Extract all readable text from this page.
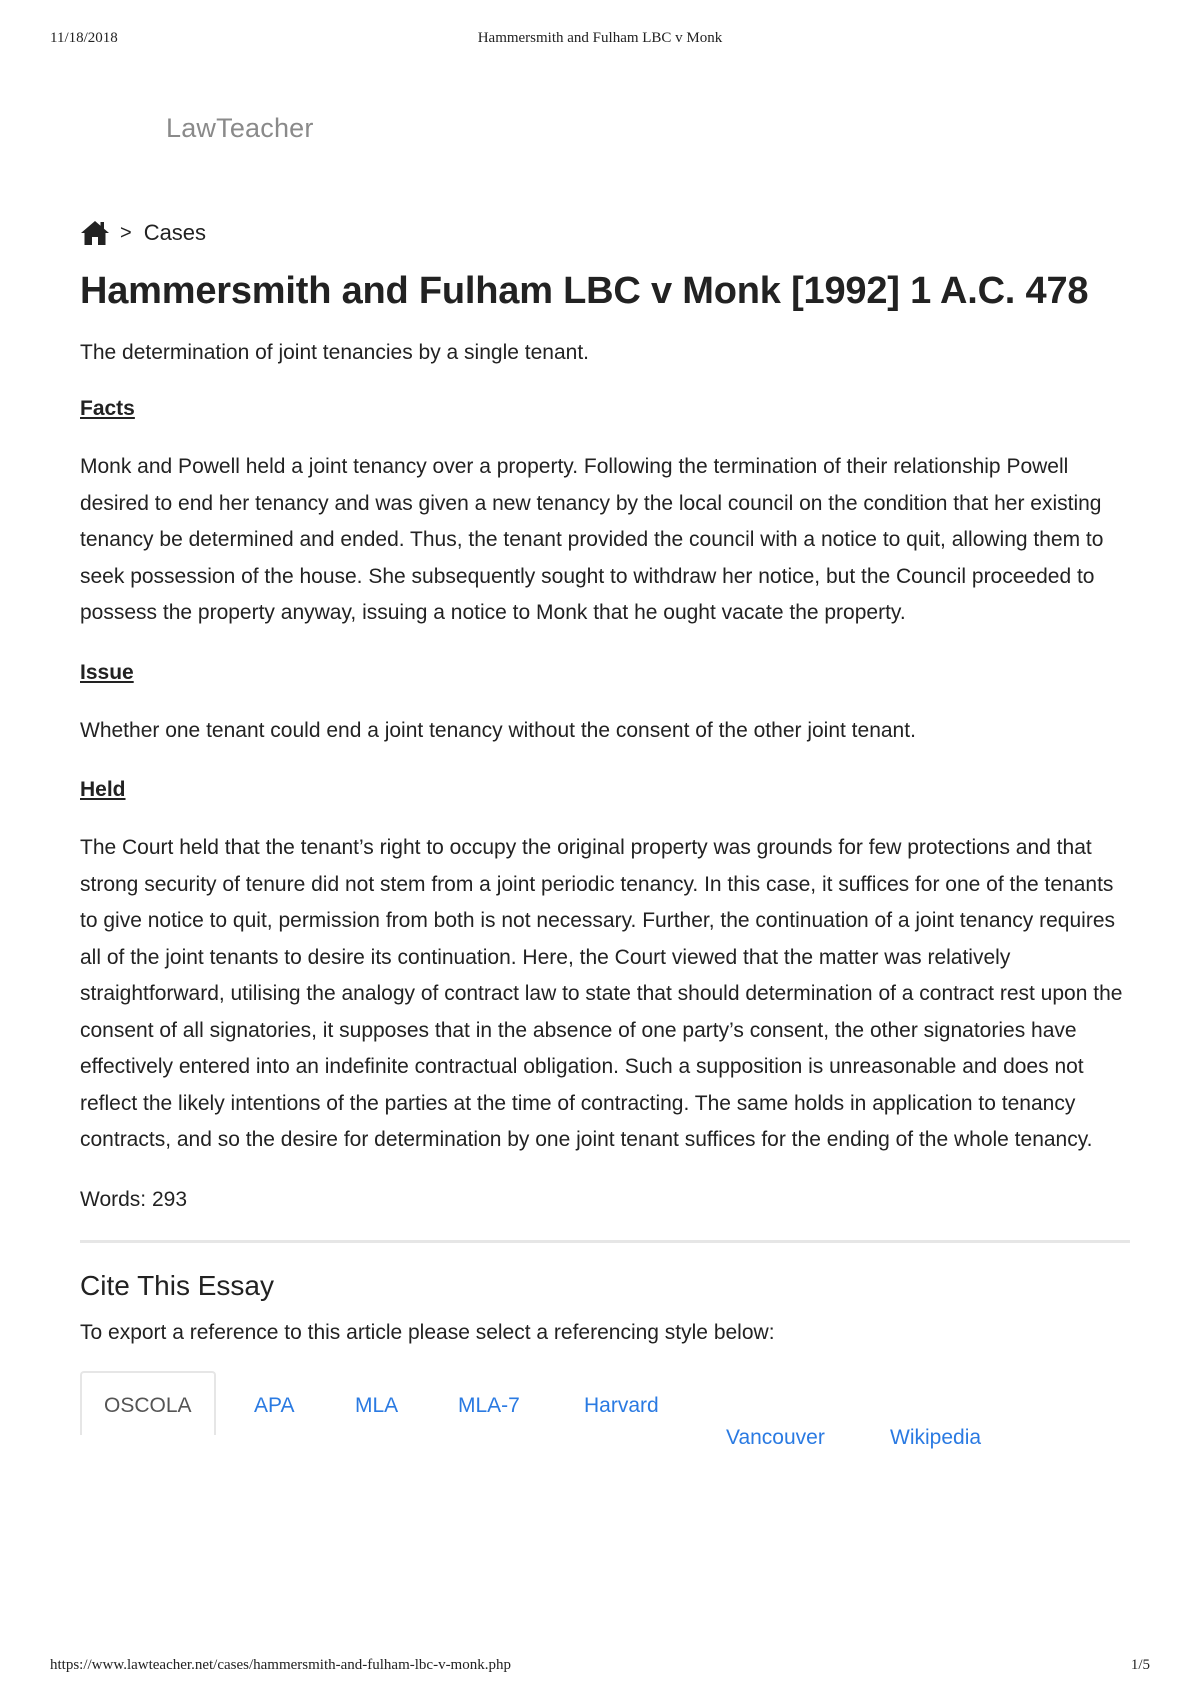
11/18/2018	Hammersmith and Fulham LBC v Monk
LawTeacher
> Cases
Hammersmith and Fulham LBC v Monk [1992] 1 A.C. 478
The determination of joint tenancies by a single tenant.
Facts

Monk and Powell held a joint tenancy over a property. Following the termination of their relationship Powell desired to end her tenancy and was given a new tenancy by the local council on the condition that her existing tenancy be determined and ended. Thus, the tenant provided the council with a notice to quit, allowing them to seek possession of the house. She subsequently sought to withdraw her notice, but the Council proceeded to possess the property anyway, issuing a notice to Monk that he ought vacate the property.

Issue

Whether one tenant could end a joint tenancy without the consent of the other joint tenant.

Held

The Court held that the tenant’s right to occupy the original property was grounds for few protections and that strong security of tenure did not stem from a joint periodic tenancy. In this case, it suffices for one of the tenants to give notice to quit, permission from both is not necessary. Further, the continuation of a joint tenancy requires all of the joint tenants to desire its continuation. Here, the Court viewed that the matter was relatively straightforward, utilising the analogy of contract law to state that should determination of a contract rest upon the consent of all signatories, it supposes that in the absence of one party’s consent, the other signatories have effectively entered into an indefinite contractual obligation. Such a supposition is unreasonable and does not reflect the likely intentions of the parties at the time of contracting. The same holds in application to tenancy contracts, and so the desire for determination by one joint tenant suffices for the ending of the whole tenancy.

Words: 293
Cite This Essay
To export a reference to this article please select a referencing style below:
OSCOLA	APA	MLA	MLA-7	Harvard
Vancouver	Wikipedia
https://www.lawteacher.net/cases/hammersmith-and-fulham-lbc-v-monk.php	1/5
